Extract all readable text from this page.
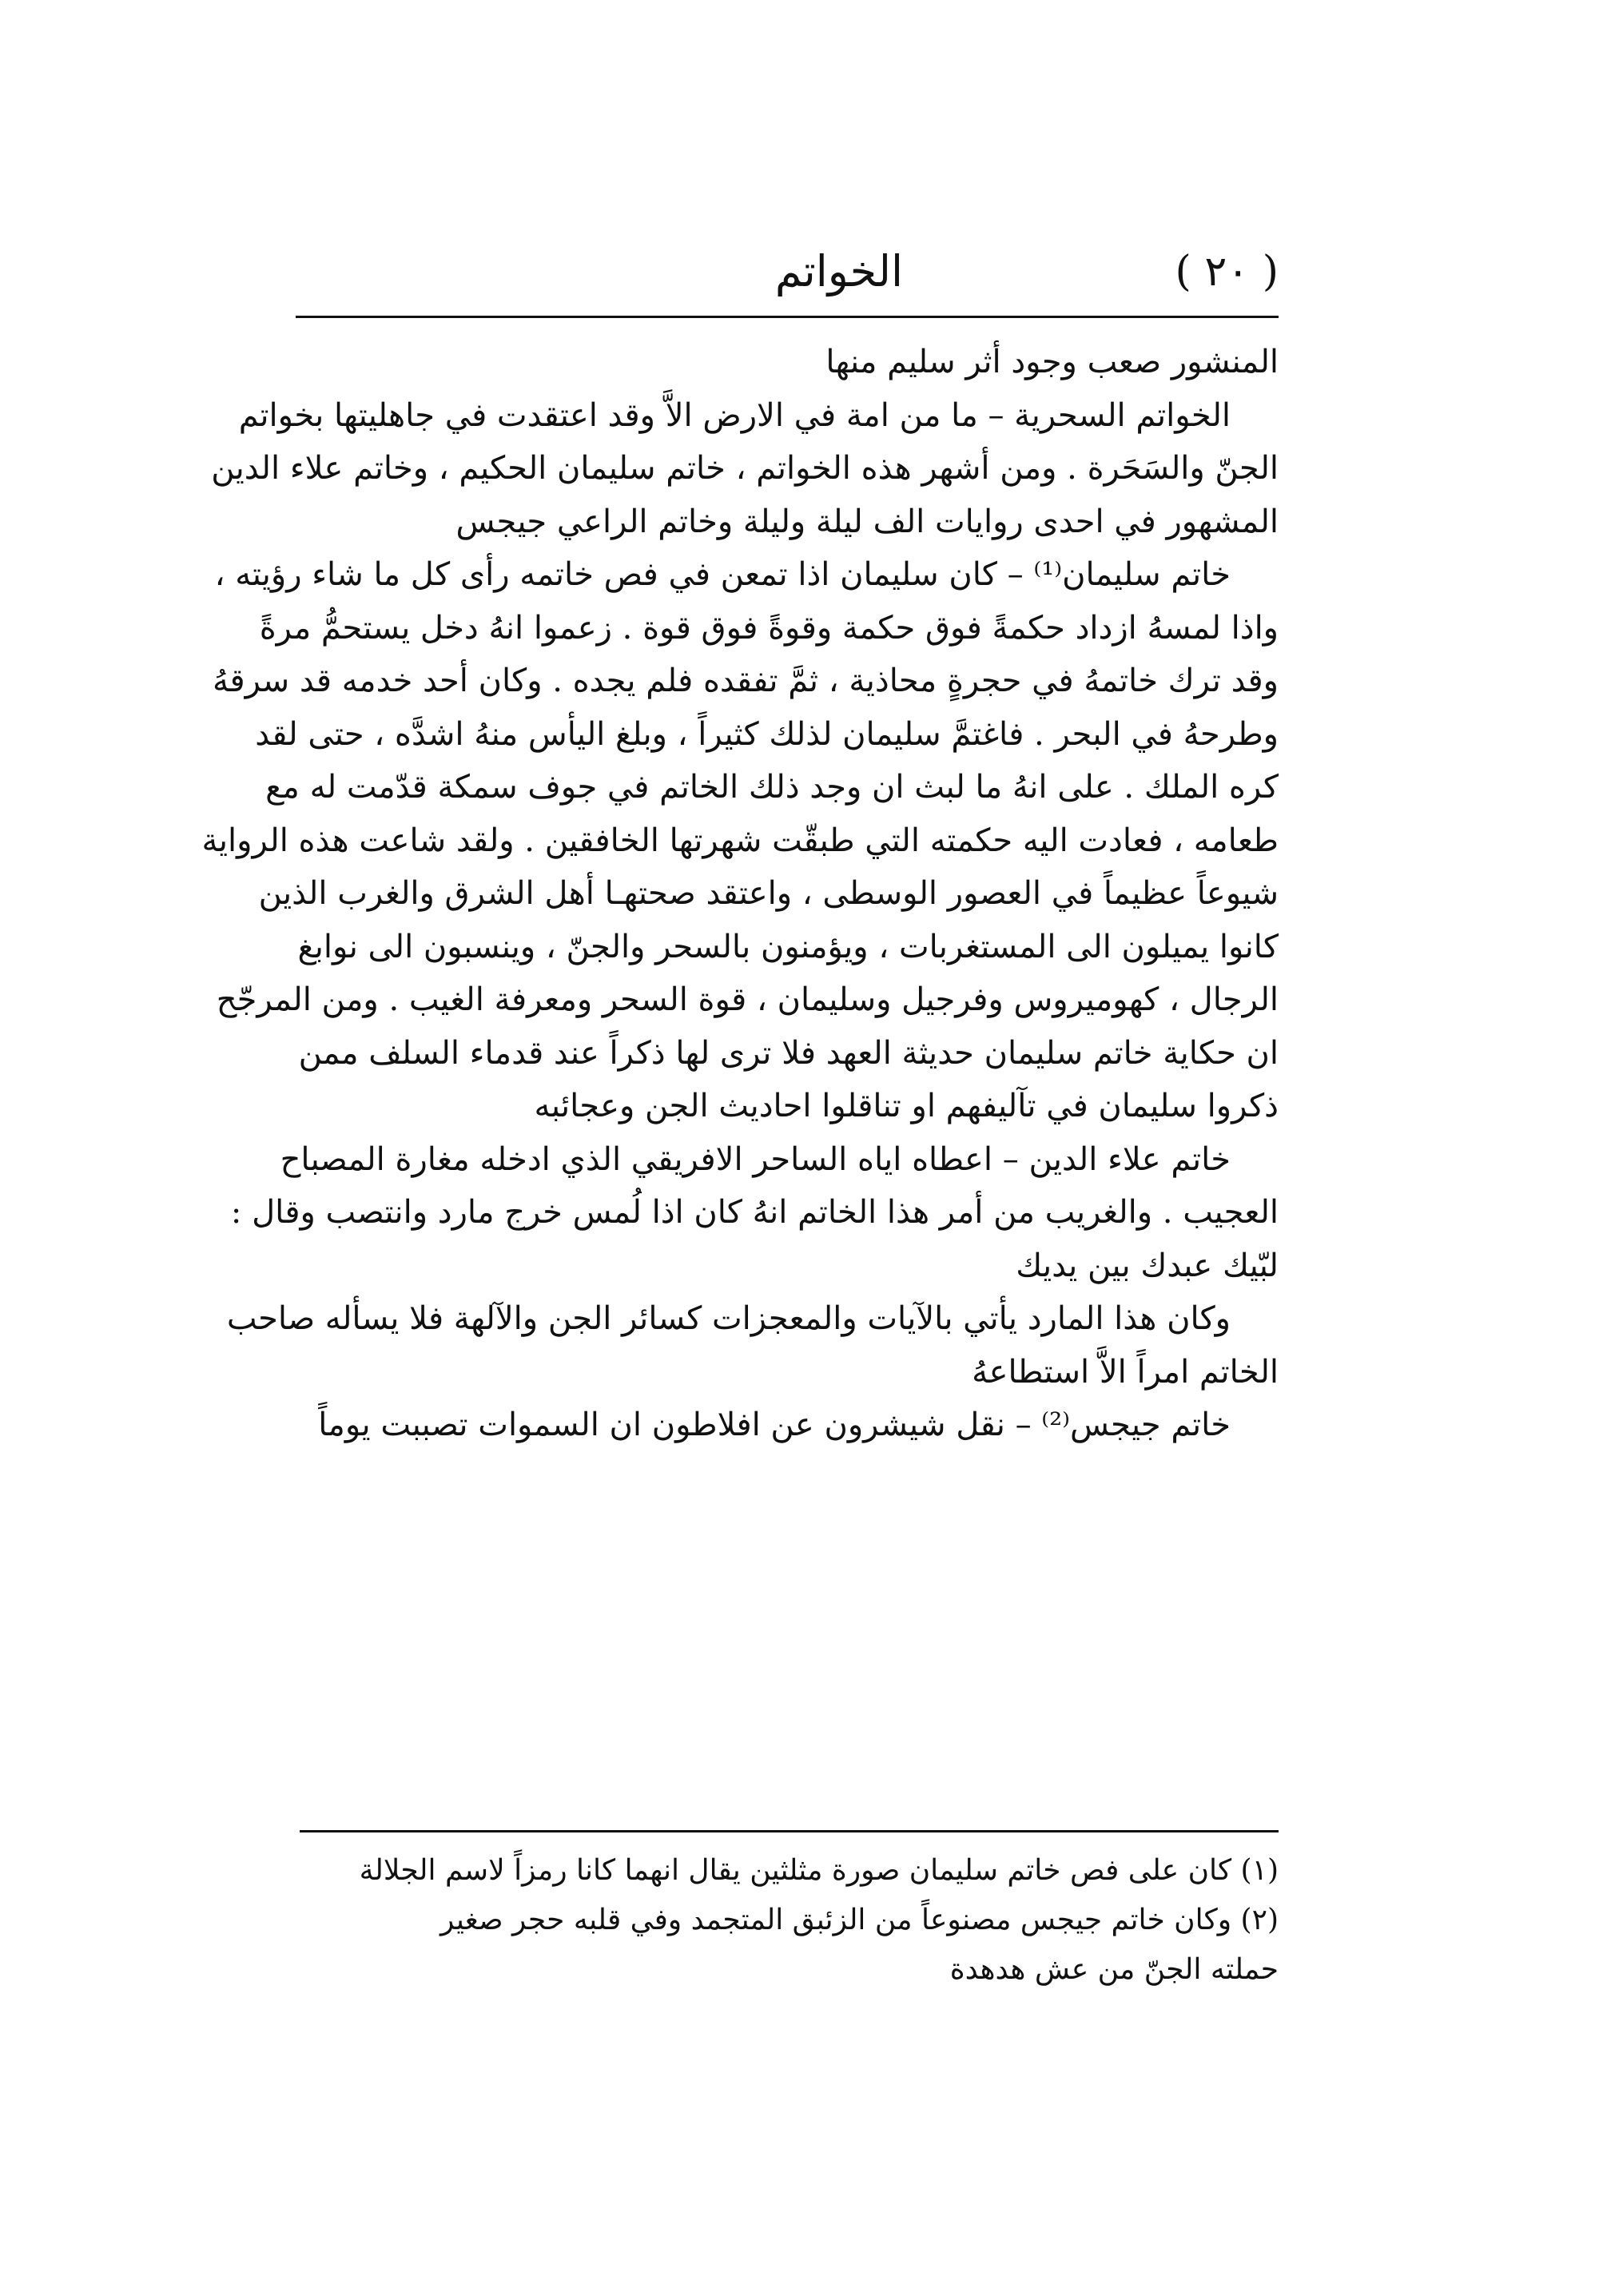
( ٢٠ )
الخواتم
المنشور صعب وجود أثر سليم منها
الخواتم السحرية – ما من امة في الارض الاَّ وقد اعتقدت في جاهليتها بخواتم
الجنّ والسَحَرة . ومن أشهر هذه الخواتم ، خاتم سليمان الحكيم ، وخاتم علاء الدين
المشهور في احدى روايات الف ليلة وليلة وخاتم الراعي جيجس
خاتم سليمان⁽¹⁾ – كان سليمان اذا تمعن في فص خاتمه رأى كل ما شاء رؤيته ،
واذا لمسهُ ازداد حكمةً فوق حكمة وقوةً فوق قوة . زعموا انهُ دخل يستحمُّ مرةً
وقد ترك خاتمهُ في حجرةٍ محاذية ، ثمَّ تفقده فلم يجده . وكان أحد خدمه قد سرقهُ
وطرحهُ في البحر . فاغتمَّ سليمان لذلك كثيراً ، وبلغ اليأس منهُ اشدَّه ، حتى لقد
كره الملك . على انهُ ما لبث ان وجد ذلك الخاتم في جوف سمكة قدّمت له مع
طعامه ، فعادت اليه حكمته التي طبقّت شهرتها الخافقين . ولقد شاعت هذه الرواية
شيوعاً عظيماً في العصور الوسطى ، واعتقد صحتهـا أهل الشرق والغرب الذين
كانوا يميلون الى المستغربات ، ويؤمنون بالسحر والجنّ ، وينسبون الى نوابغ
الرجال ، كهوميروس وفرجيل وسليمان ، قوة السحر ومعرفة الغيب . ومن المرجّح
ان حكاية خاتم سليمان حديثة العهد فلا ترى لها ذكراً عند قدماء السلف ممن
ذكروا سليمان في تآليفهم او تناقلوا احاديث الجن وعجائبه
خاتم علاء الدين – اعطاه اياه الساحر الافريقي الذي ادخله مغارة المصباح
العجيب . والغريب من أمر هذا الخاتم انهُ كان اذا لُمس خرج مارد وانتصب وقال :
لبّيك عبدك بين يديك
وكان هذا المارد يأتي بالآيات والمعجزات كسائر الجن والآلهة فلا يسأله صاحب
الخاتم امراً الاَّ استطاعهُ
خاتم جيجس⁽²⁾ – نقل شيشرون عن افلاطون ان السموات تصببت يوماً
(١) كان على فص خاتم سليمان صورة مثلثين يقال انهما كانا رمزاً لاسم الجلالة
(٢) وكان خاتم جيجس مصنوعاً من الزئبق المتجمد وفي قلبه حجر صغير
حملته الجنّ من عش هدهدة
